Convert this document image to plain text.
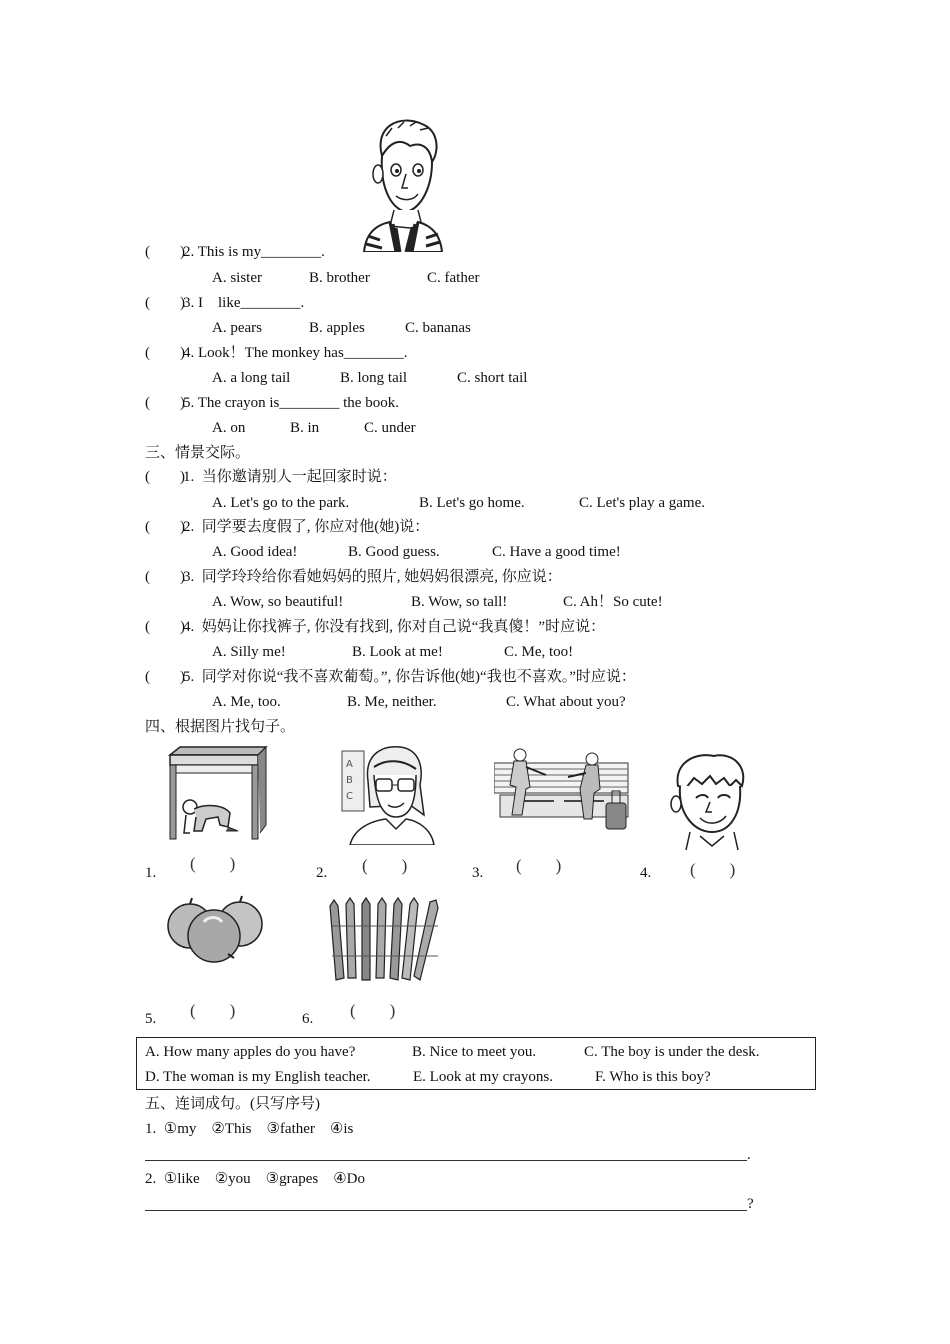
(        )
2. This is my________.
A. sister	B. brother	C. father
(        )
3. I    like________.
A. pears	B. apples	C. bananas
(        )
4. Look！The monkey has________.
A. a long tail	B. long tail	C. short tail
(        )
5. The crayon is________ the book.
A. on	B. in	C. under
三、情景交际。
(        )
1.  当你邀请别人一起回家时说：
A. Let's go to the park.	B. Let's go home.	C. Let's play a game.
(        )
2.  同学要去度假了, 你应对他(她)说：
A. Good idea!	B. Good guess.	C. Have a good time!
(        )
3.  同学玲玲给你看她妈妈的照片, 她妈妈很漂亮, 你应说：
A. Wow, so beautiful!	B. Wow, so tall!	C. Ah！So cute!
(        )
4.  妈妈让你找裤子, 你没有找到, 你对自己说“我真傻！”时应说：
A. Silly me!	B. Look at me!	C. Me, too!
(        )
5.  同学对你说“我不喜欢葡萄。”, 你告诉他(她)“我也不喜欢。”时应说：
A. Me, too.	B. Me, neither.	C. What about you?
四、根据图片找句子。
A
B
C
1. (        )	2. (        )	3. (        )	4. (        )
5. (        )	6. (        )
A. How many apples do you have?	B. Nice to meet you.	C. The boy is under the desk.
D. The woman is my English teacher.	E. Look at my crayons.	F. Who is this boy?
五、连词成句。(只写序号)
1.  ①my    ②This    ③father    ④is
.
2.  ①like    ②you    ③grapes    ④Do
?
